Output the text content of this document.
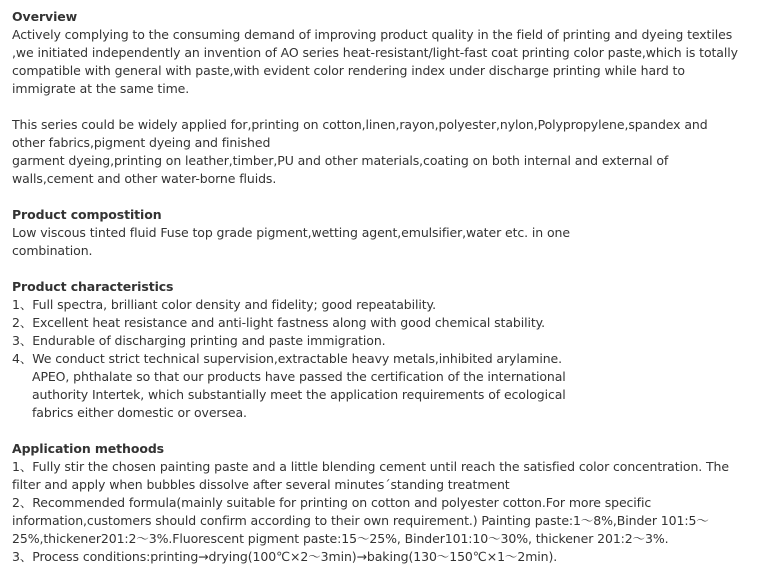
Overview
Actively complying to the consuming demand of improving product quality in the field of printing and dyeing textiles
,we initiated independently an invention of AO series heat-resistant/light-fast coat printing color paste,which is totally
compatible with general with paste,with evident color rendering index under discharge printing while hard to
immigrate at the same time.
This series could be widely applied for,printing on cotton,linen,rayon,polyester,nylon,Polypropylene,spandex and
other fabrics,pigment dyeing and finished
garment dyeing,printing on leather,timber,PU and other materials,coating on both internal and external of
walls,cement and other water-borne fluids.
Product compostition
Low viscous tinted fluid Fuse top grade pigment,wetting agent,emulsifier,water etc. in one
combination.
Product characteristics
1、Full spectra, brilliant color density and fidelity; good repeatability.
2、Excellent heat resistance and anti-light fastness along with good chemical stability.
3、Endurable of discharging printing and paste immigration.
4、We conduct strict technical supervision,extractable heavy metals,inhibited arylamine.
APEO, phthalate so that our products have passed the certification of the international
authority Intertek, which substantially meet the application requirements of ecological
fabrics either domestic or oversea.
Application methoods
1、Fully stir the chosen painting paste and a little blending cement until reach the satisfied color concentration. The
filter and apply when bubbles dissolve after several minutes´standing treatment
2、Recommended formula(mainly suitable for printing on cotton and polyester cotton.For more specific
information,customers should confirm according to their own requirement.) Painting paste:1～8%,Binder 101:5～
25%,thickener201:2～3%.Fluorescent pigment paste:15～25%, Binder101:10～30%, thickener 201:2～3%.
3、Process conditions:printing→drying(100℃×2～3min)→baking(130～150℃×1～2min).
